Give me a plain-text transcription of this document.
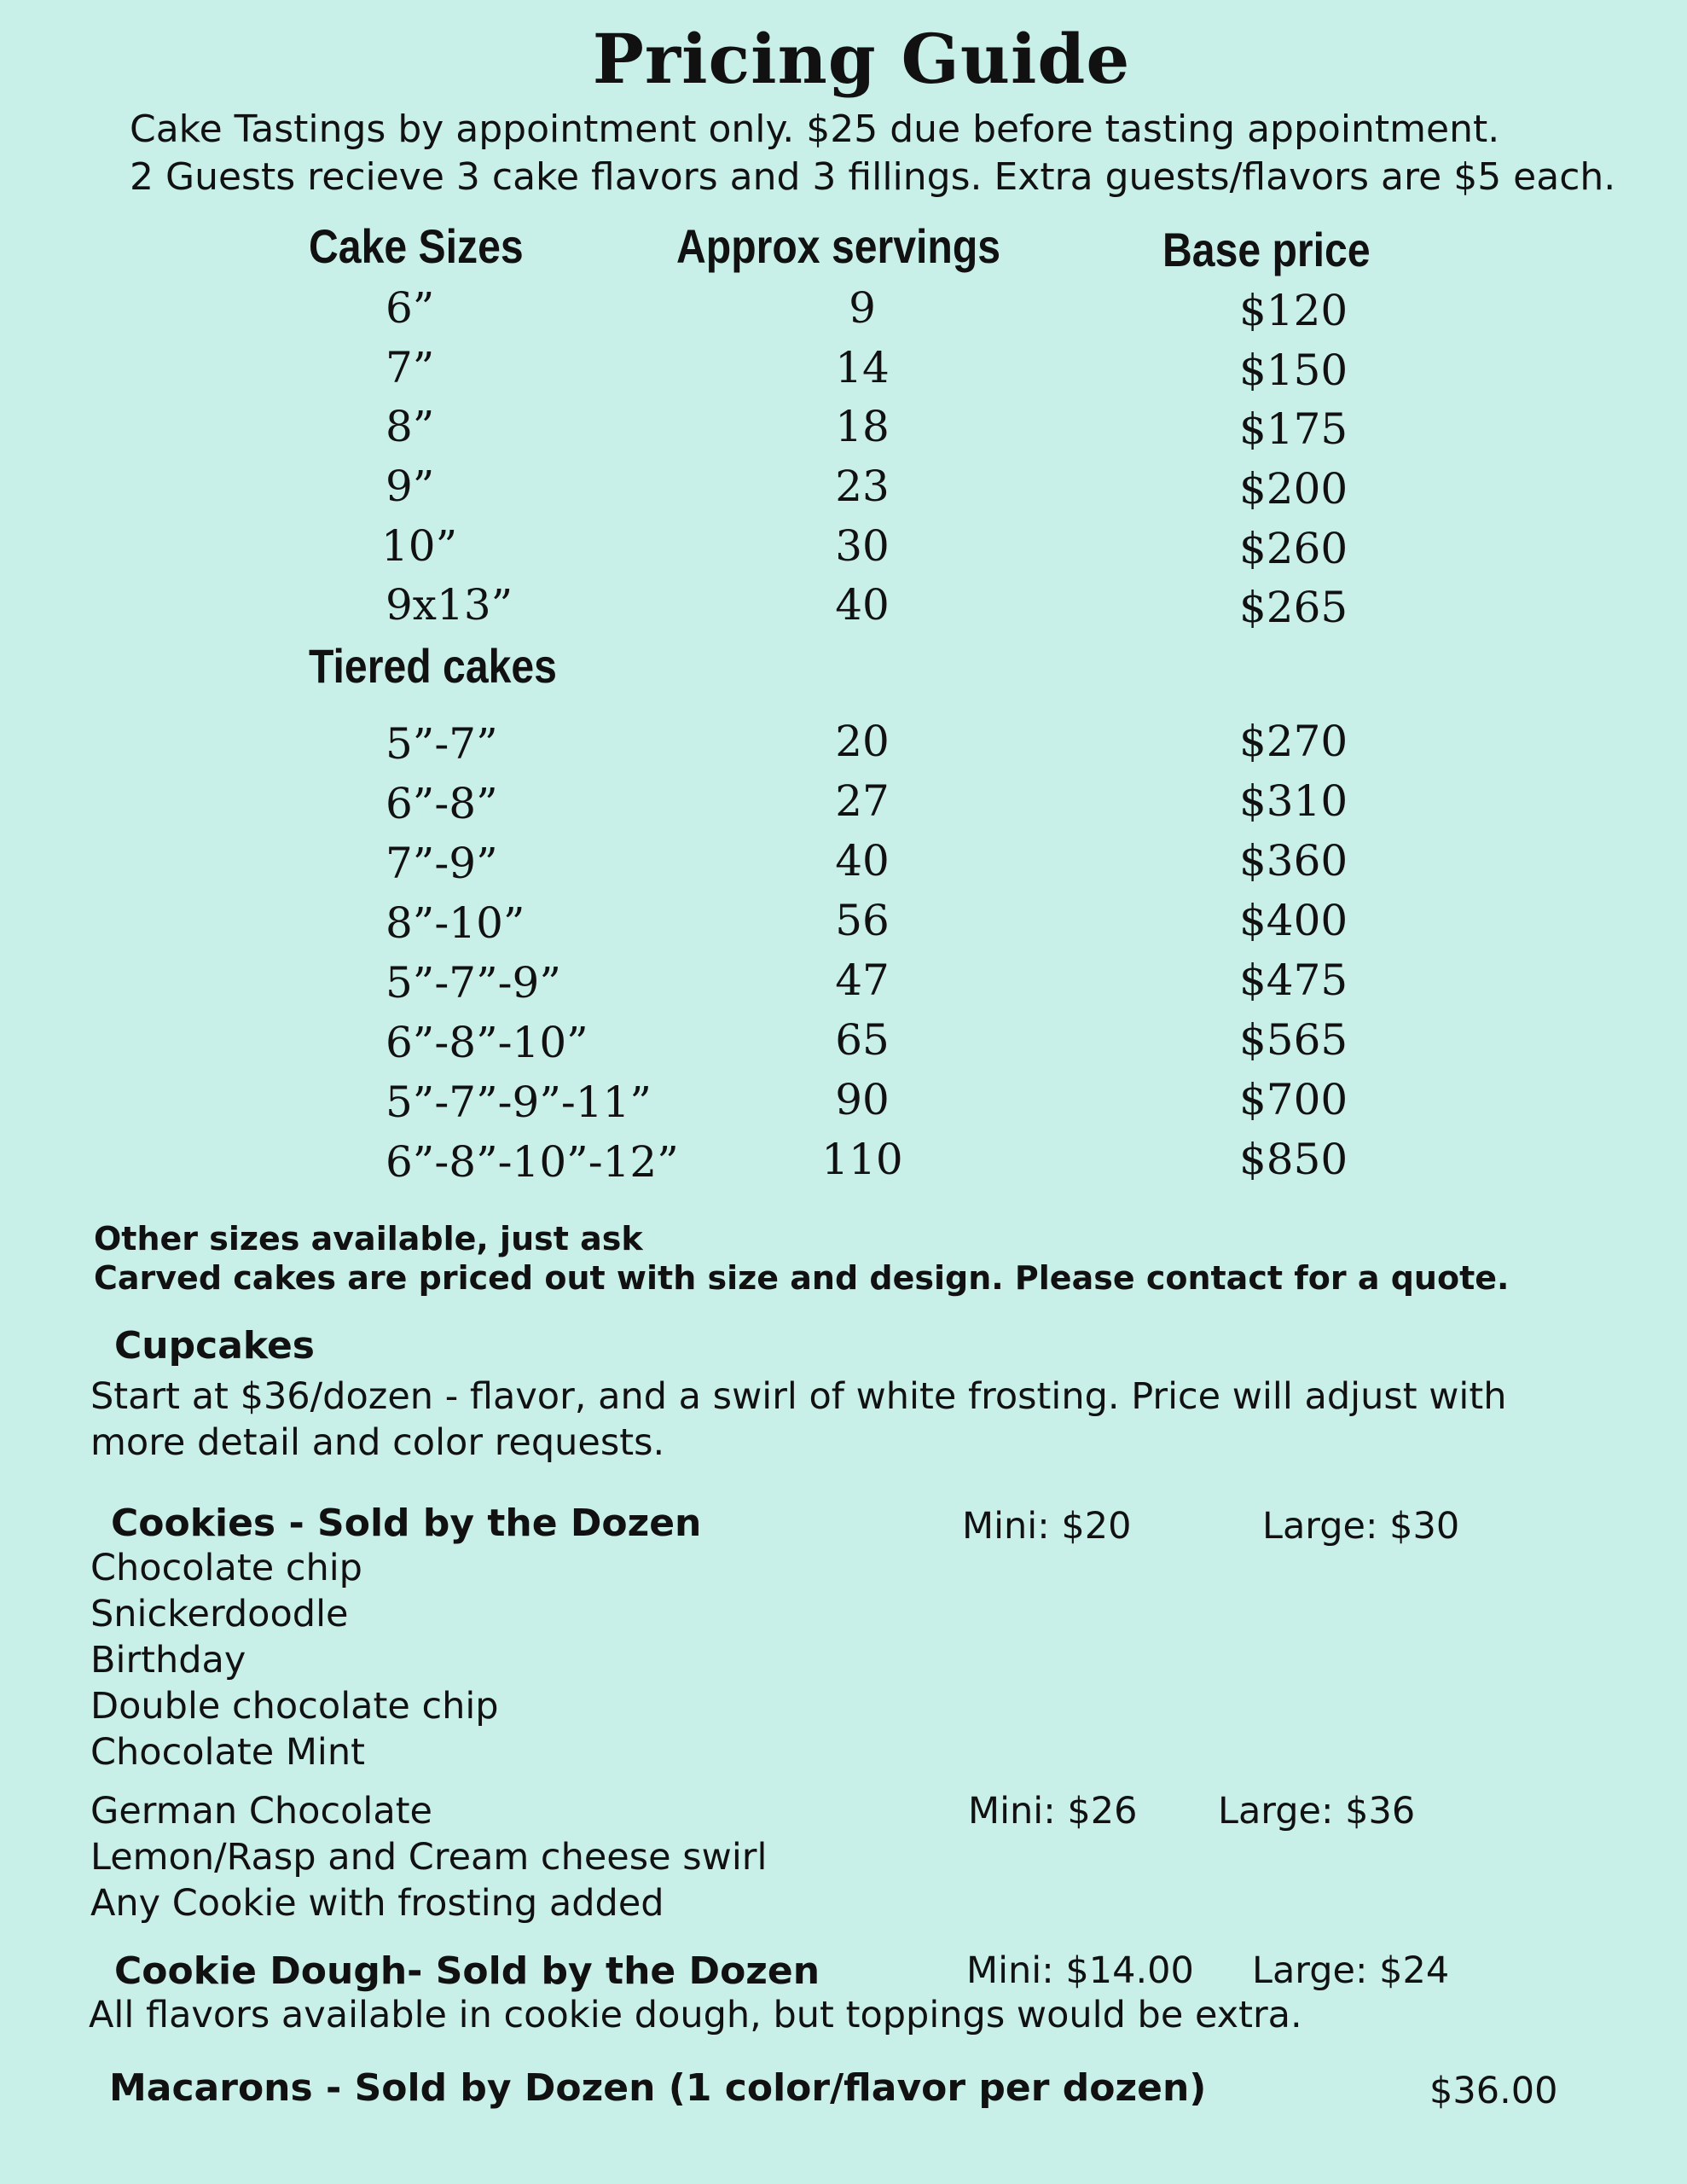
Pricing Guide
Cake Tastings by appointment only. $25 due before tasting appointment.
2 Guests recieve 3 cake flavors and 3 fillings. Extra guests/flavors are $5 each.
Cake Sizes	Approx servings	Base price
6”	9	$120
7”	14	$150
8”	18	$175
9”	23	$200
10”	30	$260
9x13”	40	$265
Tiered cakes
5”-7”	20	$270
6”-8”	27	$310
7”-9”	40	$360
8”-10”	56	$400
5”-7”-9”	47	$475
6”-8”-10”	65	$565
5”-7”-9”-11”	90	$700
6”-8”-10”-12”	110	$850
Other sizes available, just ask
Carved cakes are priced out with size and design. Please contact for a quote.
Cupcakes
Start at $36/dozen - flavor, and a swirl of white frosting. Price will adjust with
more detail and color requests.
Cookies - Sold by the Dozen	Mini: $20	Large: $30
Chocolate chip
Snickerdoodle
Birthday
Double chocolate chip
Chocolate Mint
German Chocolate	Mini: $26 Large: $36
Lemon/Rasp and Cream cheese swirl
Any Cookie with frosting added
Cookie Dough- Sold by the Dozen	Mini: $14.00 Large: $24
All flavors available in cookie dough, but toppings would be extra.
Macarons - Sold by Dozen (1 color/flavor per dozen)	$36.00
